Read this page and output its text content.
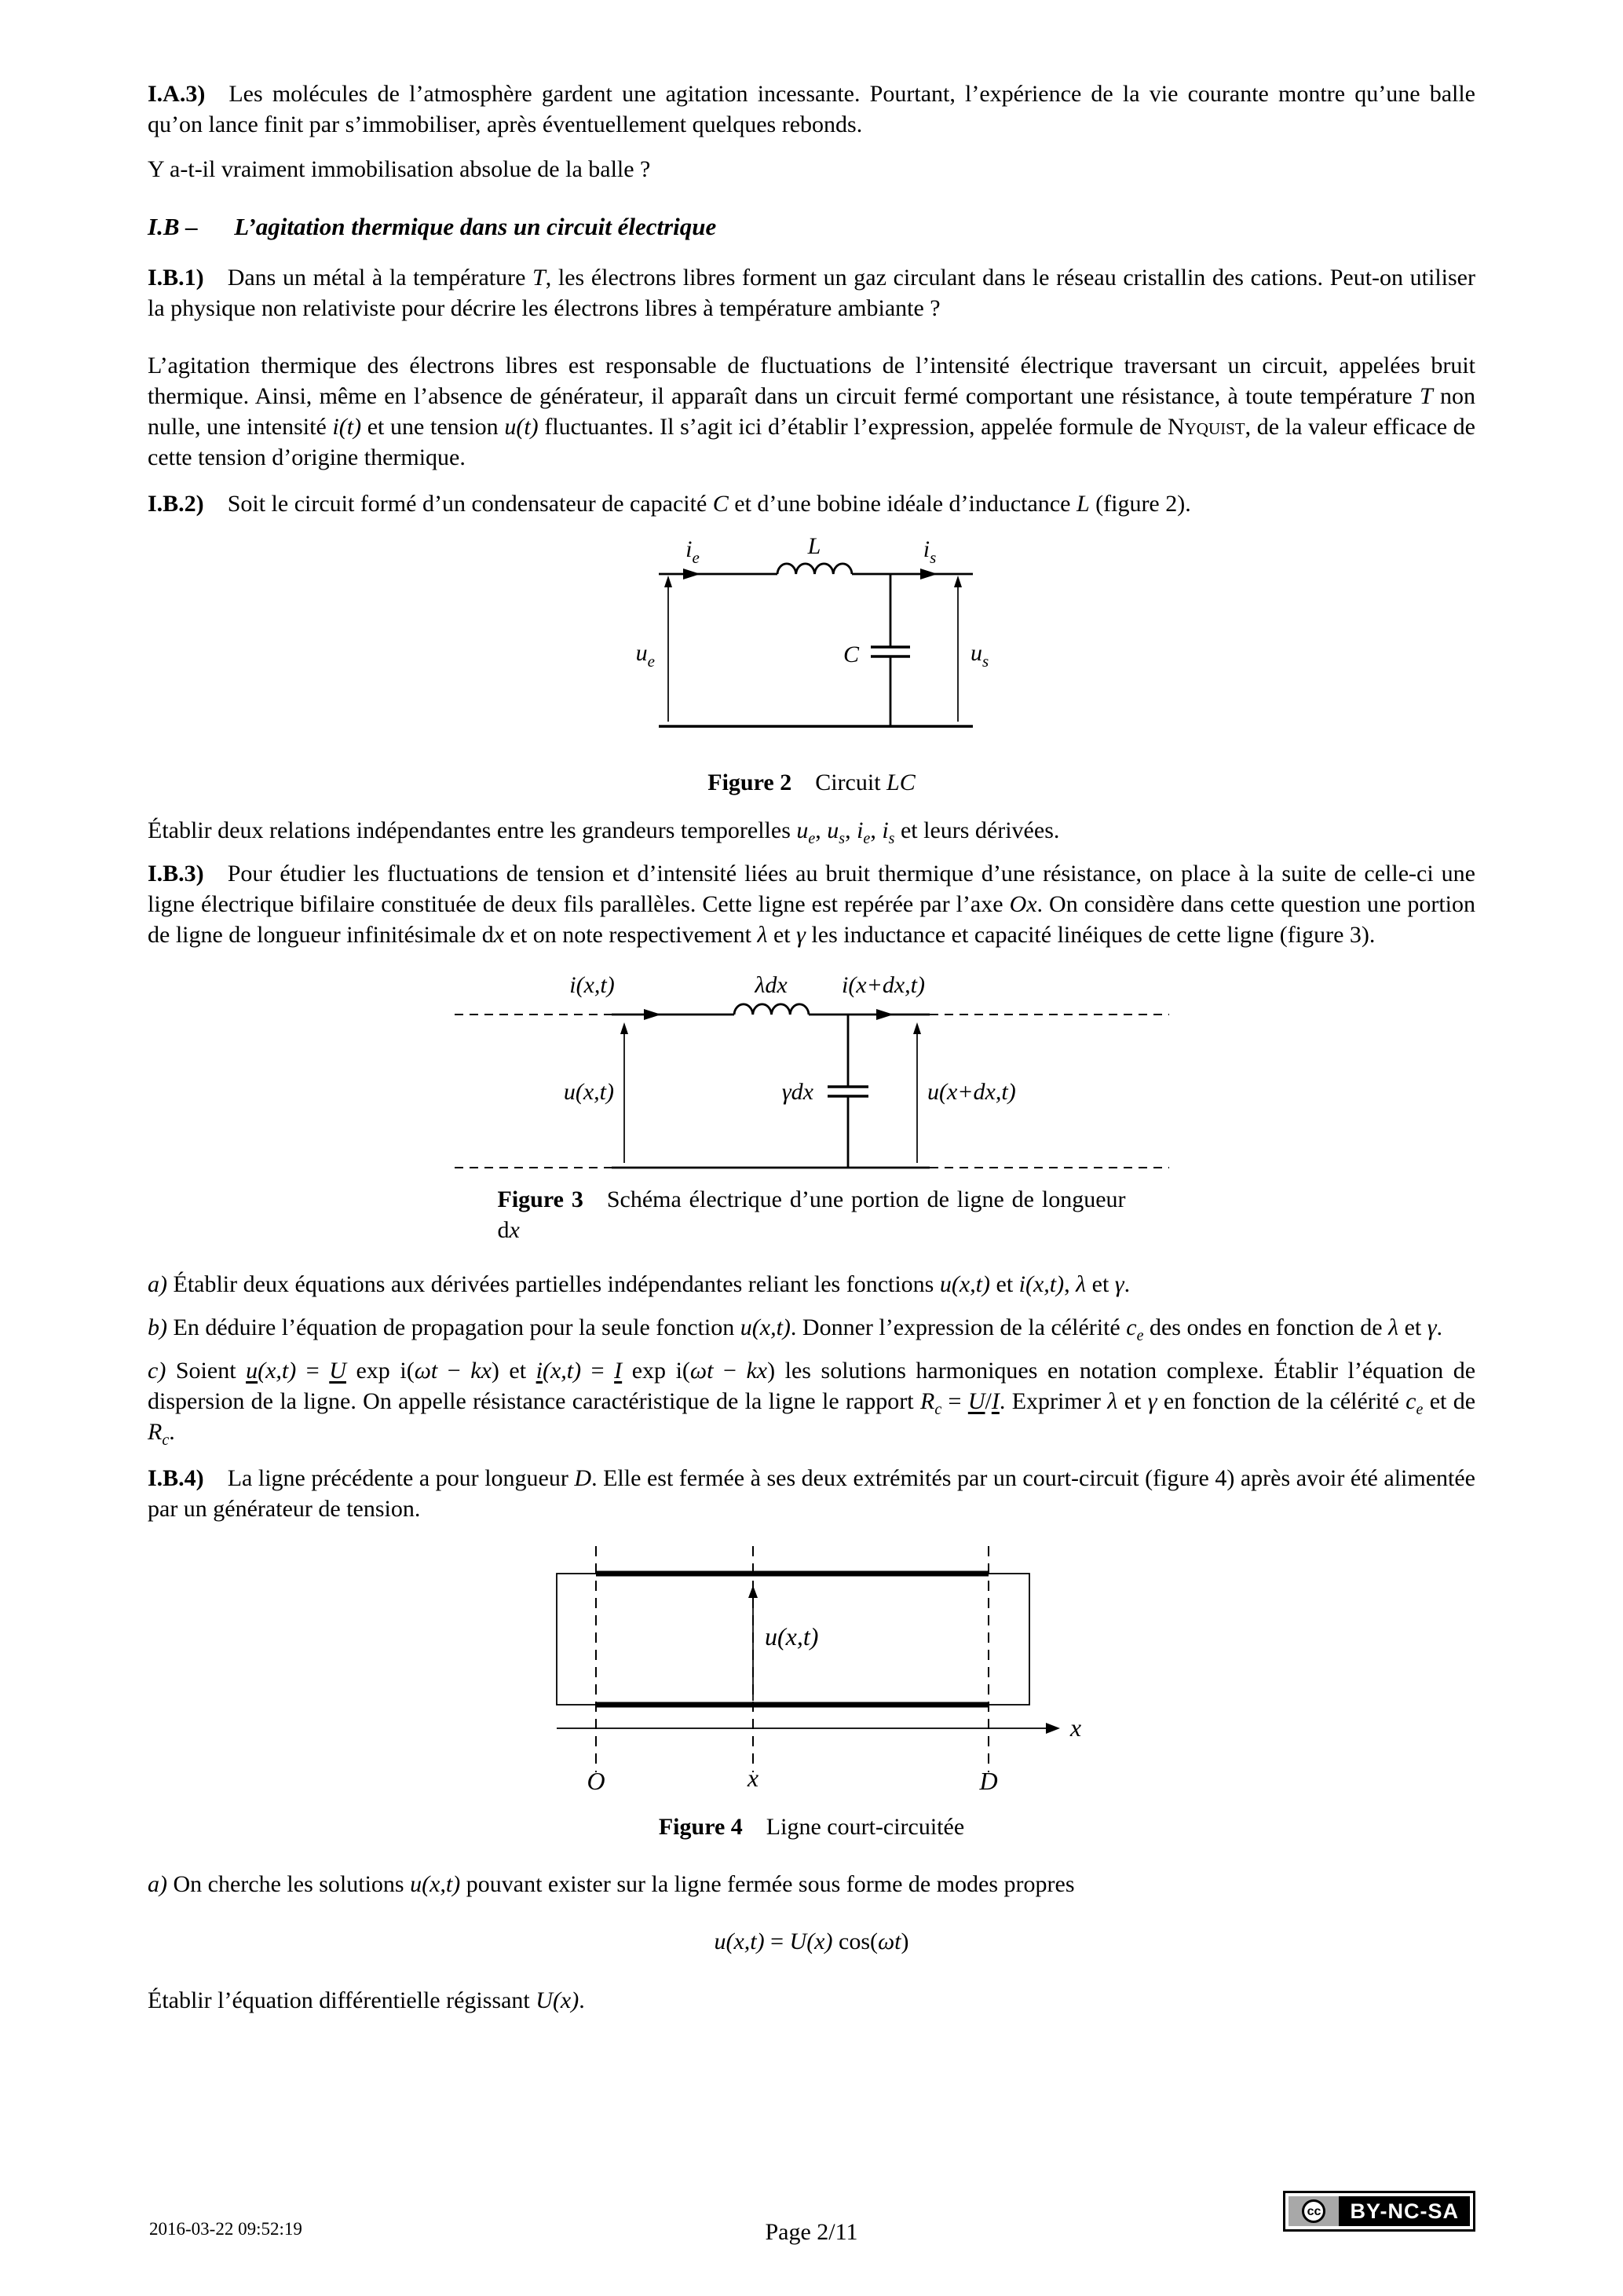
I.A.3) Les molécules de l’atmosphère gardent une agitation incessante. Pourtant, l’expérience de la vie courante montre qu’une balle qu’on lance finit par s’immobiliser, après éventuellement quelques rebonds.

Y a-t-il vraiment immobilisation absolue de la balle ?

I.B –   L’agitation thermique dans un circuit électrique

I.B.1) Dans un métal à la température T, les électrons libres forment un gaz circulant dans le réseau cristallin des cations. Peut-on utiliser la physique non relativiste pour décrire les électrons libres à température ambiante ?

L’agitation thermique des électrons libres est responsable de fluctuations de l’intensité électrique traversant un circuit, appelées bruit thermique. Ainsi, même en l’absence de générateur, il apparaît dans un circuit fermé comportant une résistance, à toute température T non nulle, une intensité i(t) et une tension u(t) fluctuantes. Il s’agit ici d’établir l’expression, appelée formule de Nyquist, de la valeur efficace de cette tension d’origine thermique.

I.B.2) Soit le circuit formé d’un condensateur de capacité C et d’une bobine idéale d’inductance L (figure 2).

$i_e$	L	$i_s$
$u_e$	C	$u_s$
Figure 2  Circuit LC

Établir deux relations indépendantes entre les grandeurs temporelles $u_e$, $u_s$, $i_e$, $i_s$ et leurs dérivées.

I.B.3) Pour étudier les fluctuations de tension et d’intensité liées au bruit thermique d’une résistance, on place à la suite de celle-ci une ligne électrique bifilaire constituée de deux fils parallèles. Cette ligne est repérée par l’axe Ox. On considère dans cette question une portion de ligne de longueur infinitésimale dx et on note respectivement λ et γ les inductance et capacité linéiques de cette ligne (figure 3).

i(x,t)	λdx i(x+dx,t)
u(x,t)	γdx	u(x+dx,t)
Figure 3  Schéma électrique d’une portion de ligne de longueur dx

a) Établir deux équations aux dérivées partielles indépendantes reliant les fonctions u(x,t) et i(x,t), λ et γ.

b) En déduire l’équation de propagation pour la seule fonction u(x,t). Donner l’expression de la célérité $c_e$ des ondes en fonction de λ et γ.

c) Soient u(x,t) = U exp i(ωt − kx) et i(x,t) = I exp i(ωt − kx) les solutions harmoniques en notation complexe. Établir l’équation de dispersion de la ligne. On appelle résistance caractéristique de la ligne le rapport $R_c = U/I$. Exprimer λ et γ en fonction de la célérité $c_e$ et de $R_c$.

I.B.4) La ligne précédente a pour longueur D. Elle est fermée à ses deux extrémités par un court-circuit (figure 4) après avoir été alimentée par un générateur de tension.

u(x,t)
x
O	x	D
Figure 4  Ligne court-circuitée

a) On cherche les solutions u(x,t) pouvant exister sur la ligne fermée sous forme de modes propres

u(x,t) = U(x) cos(ωt)

Établir l’équation différentielle régissant U(x).

2016-03-22 09:52:19	Page 2/11
cc	BY-NC-SA
